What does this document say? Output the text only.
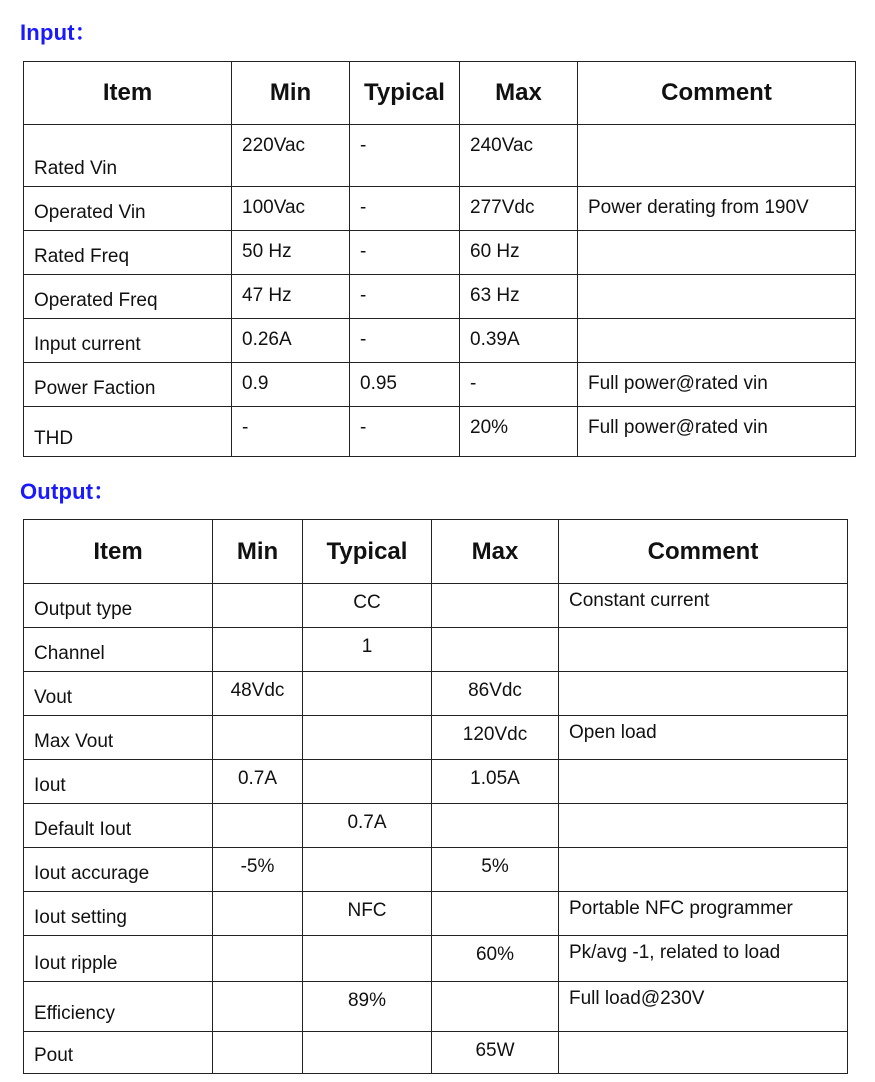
Input：
Item	Min	Typical	Max	Comment
Rated Vin	220Vac	-	240Vac	
Operated Vin	100Vac	-	277Vdc	Power derating from 190V
Rated Freq	50 Hz	-	60 Hz	
Operated Freq	47 Hz	-	63 Hz	
Input current	0.26A	-	0.39A	
Power Faction	0.9	0.95	-	Full power@rated vin
THD	-	-	20%	Full power@rated vin
Output：
Item	Min	Typical	Max	Comment
Output type		CC		Constant current
Channel		1		
Vout	48Vdc		86Vdc	
Max Vout			120Vdc	Open load
Iout	0.7A		1.05A	
Default Iout		0.7A		
Iout accurage	-5%		5%	
Iout setting		NFC		Portable NFC programmer
Iout ripple			60%	Pk/avg -1, related to load
Efficiency		89%		Full load@230V
Pout			65W	
